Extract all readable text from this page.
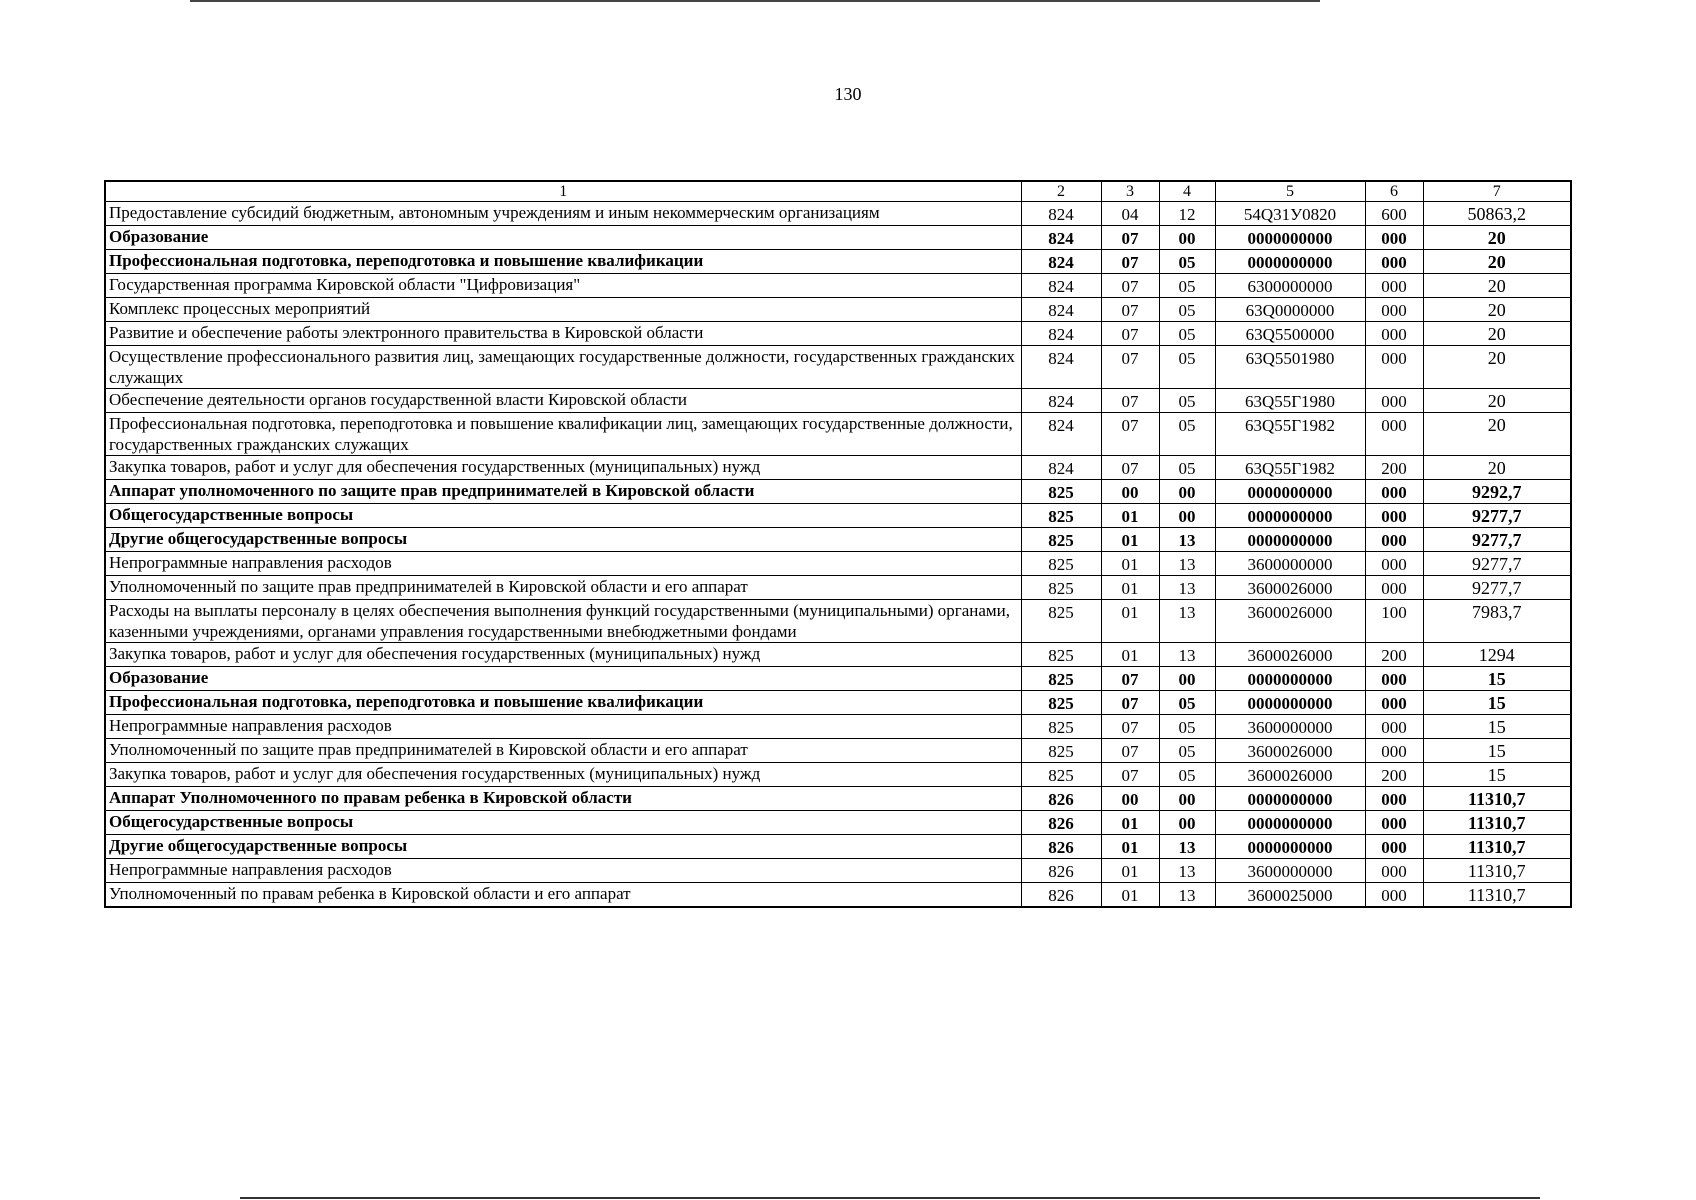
130
1	2	3	4	5	6	7
Предоставление субсидий бюджетным, автономным учреждениям и иным некоммерческим организациям	824	04	12	54Q31У0820	600	50863,2
Образование	824	07	00	0000000000	000	20
Профессиональная подготовка, переподготовка и повышение квалификации	824	07	05	0000000000	000	20
Государственная программа Кировской области "Цифровизация"	824	07	05	6300000000	000	20
Комплекс процессных мероприятий	824	07	05	63Q0000000	000	20
Развитие и обеспечение работы электронного правительства в Кировской области	824	07	05	63Q5500000	000	20
Осуществление профессионального развития лиц, замещающих государственные должности, государственных гражданских служащих	824	07	05	63Q5501980	000	20
Обеспечение деятельности органов государственной власти Кировской области	824	07	05	63Q55Г1980	000	20
Профессиональная подготовка, переподготовка и повышение квалификации лиц, замещающих государственные должности, государственных гражданских служащих	824	07	05	63Q55Г1982	000	20
Закупка товаров, работ и услуг для обеспечения государственных (муниципальных) нужд	824	07	05	63Q55Г1982	200	20
Аппарат уполномоченного по защите прав предпринимателей в Кировской области	825	00	00	0000000000	000	9292,7
Общегосударственные вопросы	825	01	00	0000000000	000	9277,7
Другие общегосударственные вопросы	825	01	13	0000000000	000	9277,7
Непрограммные направления расходов	825	01	13	3600000000	000	9277,7
Уполномоченный по защите прав предпринимателей в Кировской области и его аппарат	825	01	13	3600026000	000	9277,7
Расходы на выплаты персоналу в целях обеспечения выполнения функций государственными (муниципальными) органами, казенными учреждениями, органами управления государственными внебюджетными фондами	825	01	13	3600026000	100	7983,7
Закупка товаров, работ и услуг для обеспечения государственных (муниципальных) нужд	825	01	13	3600026000	200	1294
Образование	825	07	00	0000000000	000	15
Профессиональная подготовка, переподготовка и повышение квалификации	825	07	05	0000000000	000	15
Непрограммные направления расходов	825	07	05	3600000000	000	15
Уполномоченный по защите прав предпринимателей в Кировской области и его аппарат	825	07	05	3600026000	000	15
Закупка товаров, работ и услуг для обеспечения государственных (муниципальных) нужд	825	07	05	3600026000	200	15
Аппарат Уполномоченного по правам ребенка в Кировской области	826	00	00	0000000000	000	11310,7
Общегосударственные вопросы	826	01	00	0000000000	000	11310,7
Другие общегосударственные вопросы	826	01	13	0000000000	000	11310,7
Непрограммные направления расходов	826	01	13	3600000000	000	11310,7
Уполномоченный по правам ребенка в Кировской области и его аппарат	826	01	13	3600025000	000	11310,7
